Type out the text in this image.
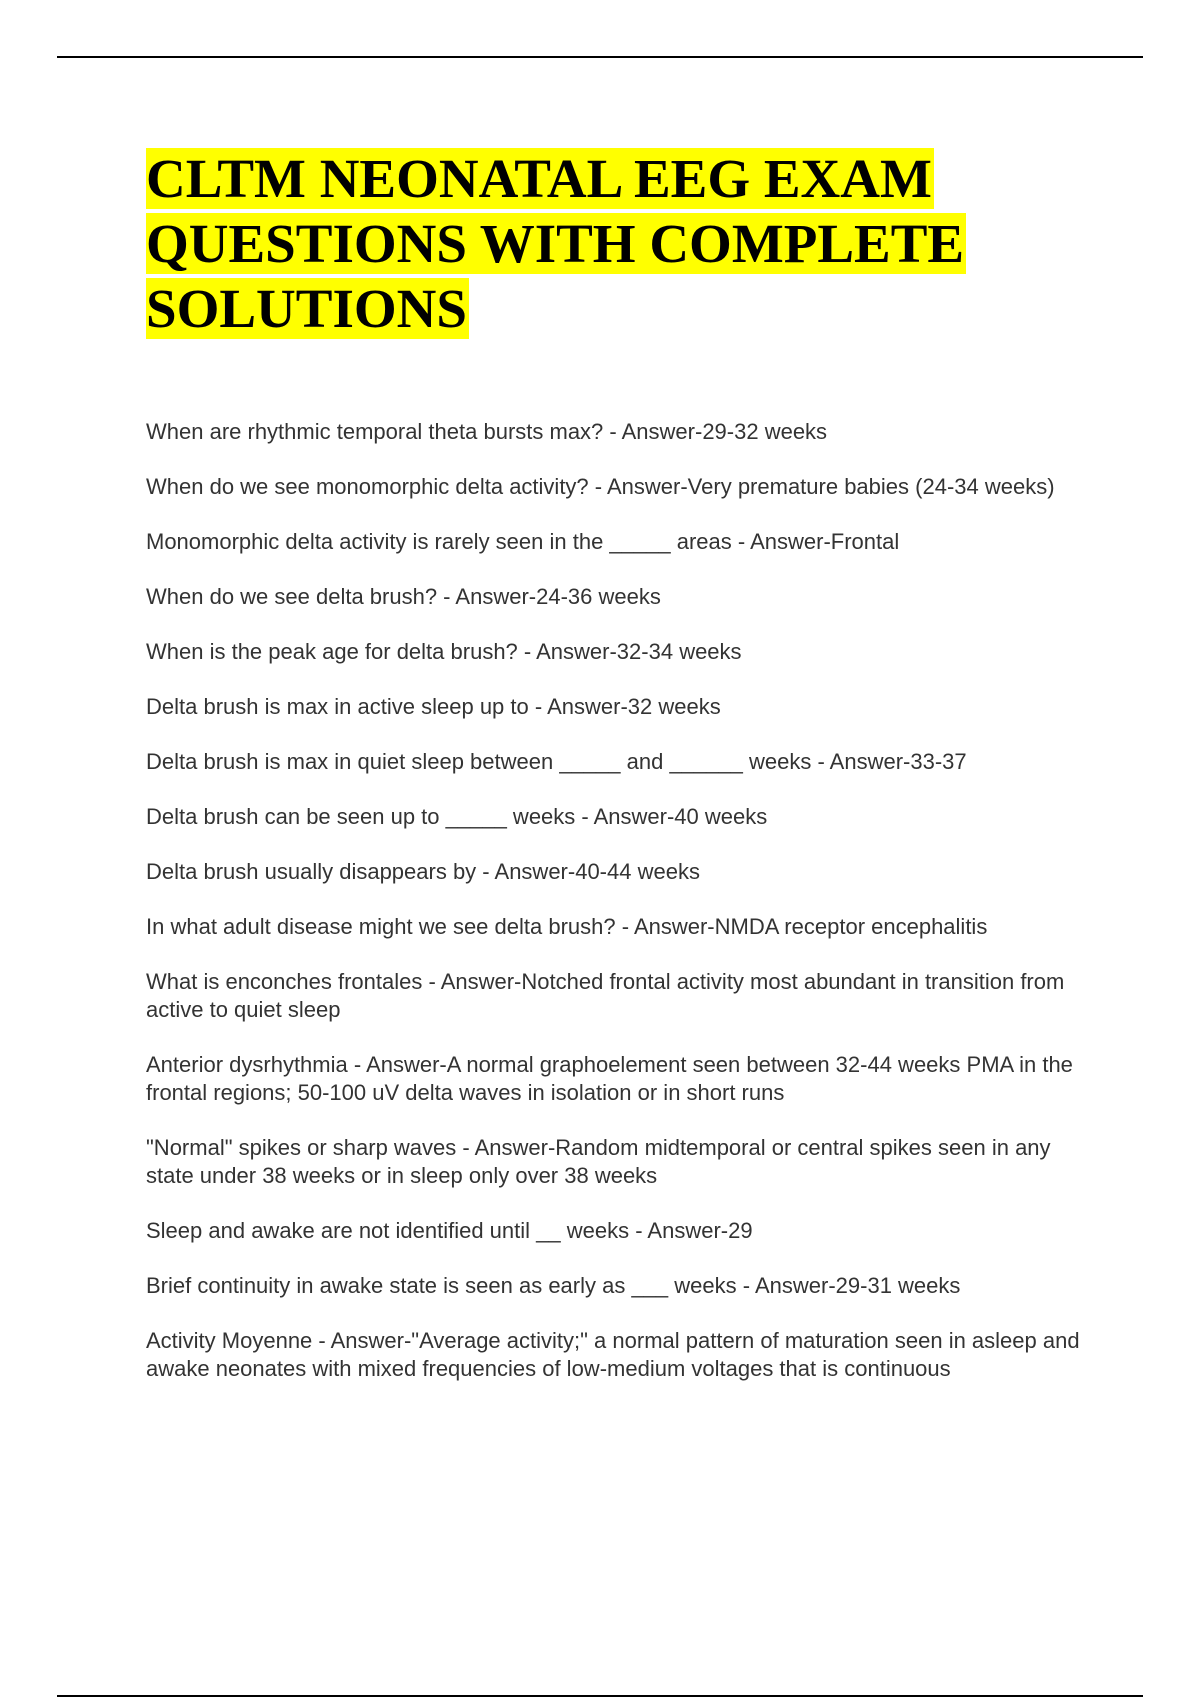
CLTM NEONATAL EEG EXAM QUESTIONS WITH COMPLETE SOLUTIONS
When are rhythmic temporal theta bursts max? - Answer-29-32 weeks
When do we see monomorphic delta activity? - Answer-Very premature babies (24-34 weeks)
Monomorphic delta activity is rarely seen in the _____ areas - Answer-Frontal
When do we see delta brush? - Answer-24-36 weeks
When is the peak age for delta brush? - Answer-32-34 weeks
Delta brush is max in active sleep up to - Answer-32 weeks
Delta brush is max in quiet sleep between _____ and ______ weeks - Answer-33-37
Delta brush can be seen up to _____ weeks - Answer-40 weeks
Delta brush usually disappears by - Answer-40-44 weeks
In what adult disease might we see delta brush? - Answer-NMDA receptor encephalitis
What is enconches frontales - Answer-Notched frontal activity most abundant in transition from active to quiet sleep
Anterior dysrhythmia - Answer-A normal graphoelement seen between 32-44 weeks PMA in the frontal regions; 50-100 uV delta waves in isolation or in short runs
"Normal" spikes or sharp waves - Answer-Random midtemporal or central spikes seen in any state under 38 weeks or in sleep only over 38 weeks
Sleep and awake are not identified until __ weeks - Answer-29
Brief continuity in awake state is seen as early as ___ weeks - Answer-29-31 weeks
Activity Moyenne - Answer-"Average activity;" a normal pattern of maturation seen in asleep and awake neonates with mixed frequencies of low-medium voltages that is continuous
